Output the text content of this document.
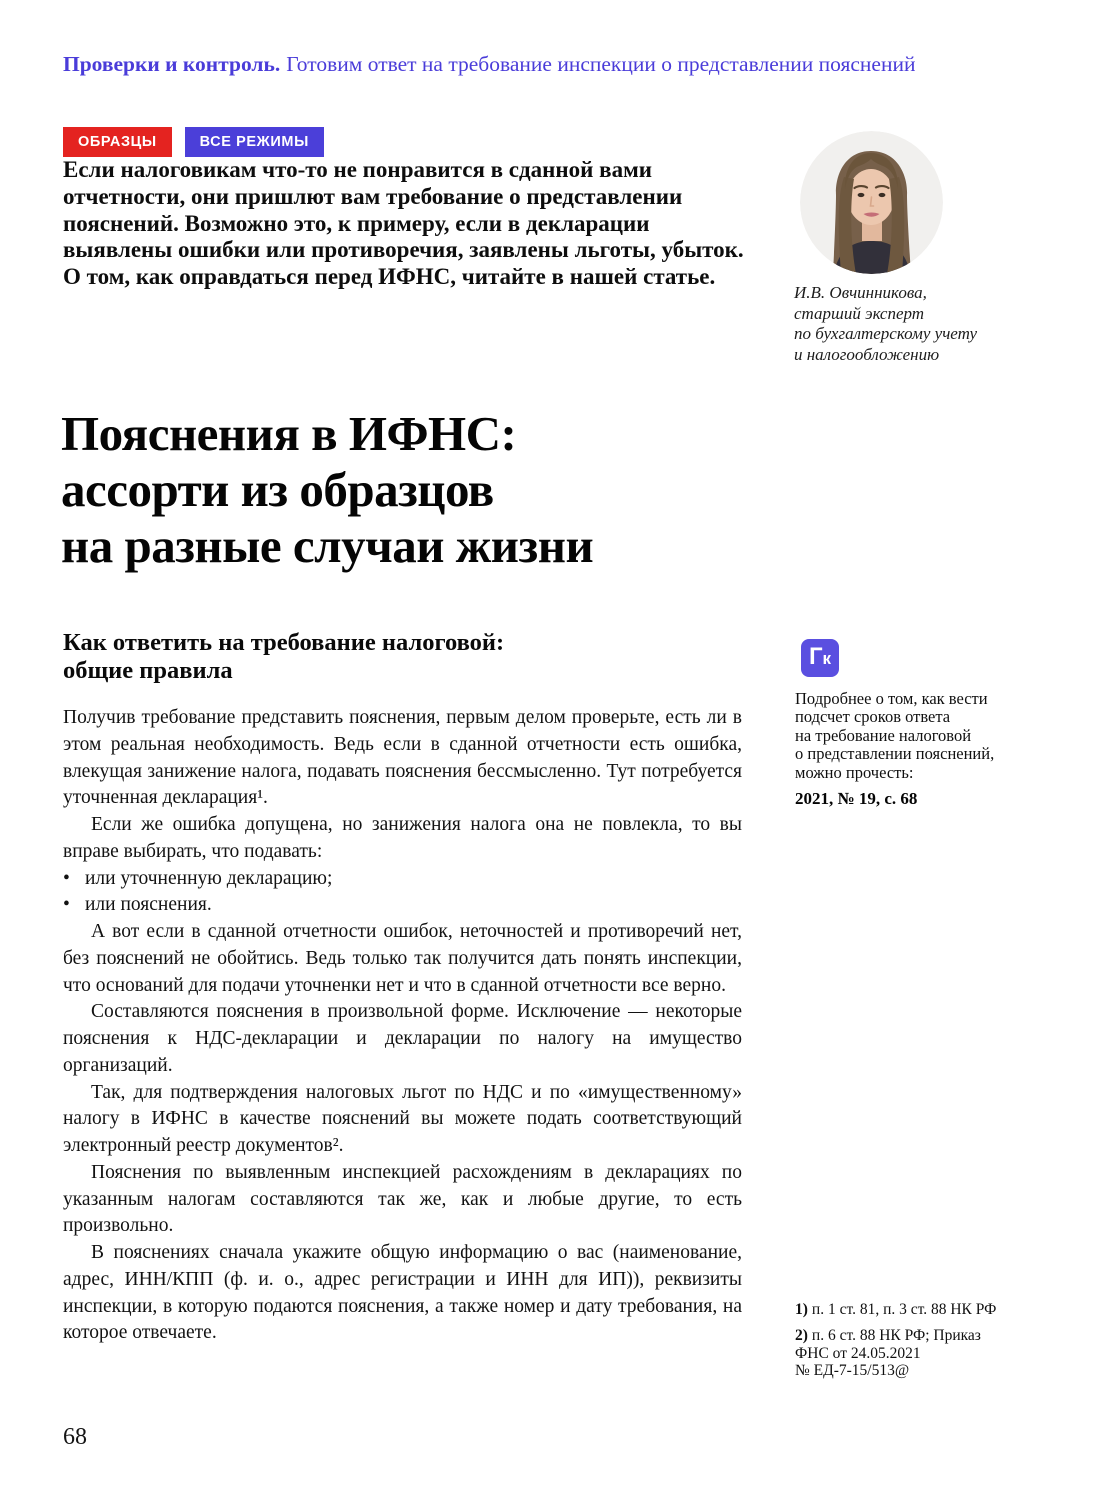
Проверки и контроль. Готовим ответ на требование инспекции о представлении пояснений
ОБРАЗЦЫ	ВСЕ РЕЖИМЫ
Если налоговикам что-то не понравится в сданной вами отчетности, они пришлют вам требование о представлении пояснений. Возможно это, к примеру, если в декларации выявлены ошибки или противоречия, заявлены льготы, убыток. О том, как оправдаться перед ИФНС, читайте в нашей статье.
И.В. Овчинникова,
старший эксперт
по бухгалтерскому учету
и налогообложению
Пояснения в ИФНС:
ассорти из образцов
на разные случаи жизни
Как ответить на требование налоговой:
общие правила

Получив требование представить пояснения, первым делом проверьте, есть ли в этом реальная необходимость. Ведь если в сданной отчетности есть ошибка, влекущая занижение налога, подавать пояснения бессмысленно. Тут потребуется уточненная декларация¹.

Если же ошибка допущена, но занижения налога она не повлекла, то вы вправе выбирать, что подавать:

• или уточненную декларацию;
• или пояснения.

А вот если в сданной отчетности ошибок, неточностей и противоречий нет, без пояснений не обойтись. Ведь только так получится дать понять инспекции, что оснований для подачи уточненки нет и что в сданной отчетности все верно.

Составляются пояснения в произвольной форме. Исключение — некоторые пояснения к НДС-декларации и декларации по налогу на имущество организаций.

Так, для подтверждения налоговых льгот по НДС и по «имущественному» налогу в ИФНС в качестве пояснений вы можете подать соответствующий электронный реестр документов².

Пояснения по выявленным инспекцией расхождениям в декларациях по указанным налогам составляются так же, как и любые другие, то есть произвольно.

В пояснениях сначала укажите общую информацию о вас (наименование, адрес, ИНН/КПП (ф. и. о., адрес регистрации и ИНН для ИП)), реквизиты инспекции, в которую подаются пояснения, а также номер и дату требования, на которое отвечаете.

Г к
Подробнее о том, как вести
подсчет сроков ответа
на требование налоговой
о представлении пояснений,
можно прочесть:
2021, № 19, с. 68
1) п. 1 ст. 81, п. 3 ст. 88 НК РФ
2) п. 6 ст. 88 НК РФ; Приказ
ФНС от 24.05.2021
№ ЕД-7-15/513@
68
